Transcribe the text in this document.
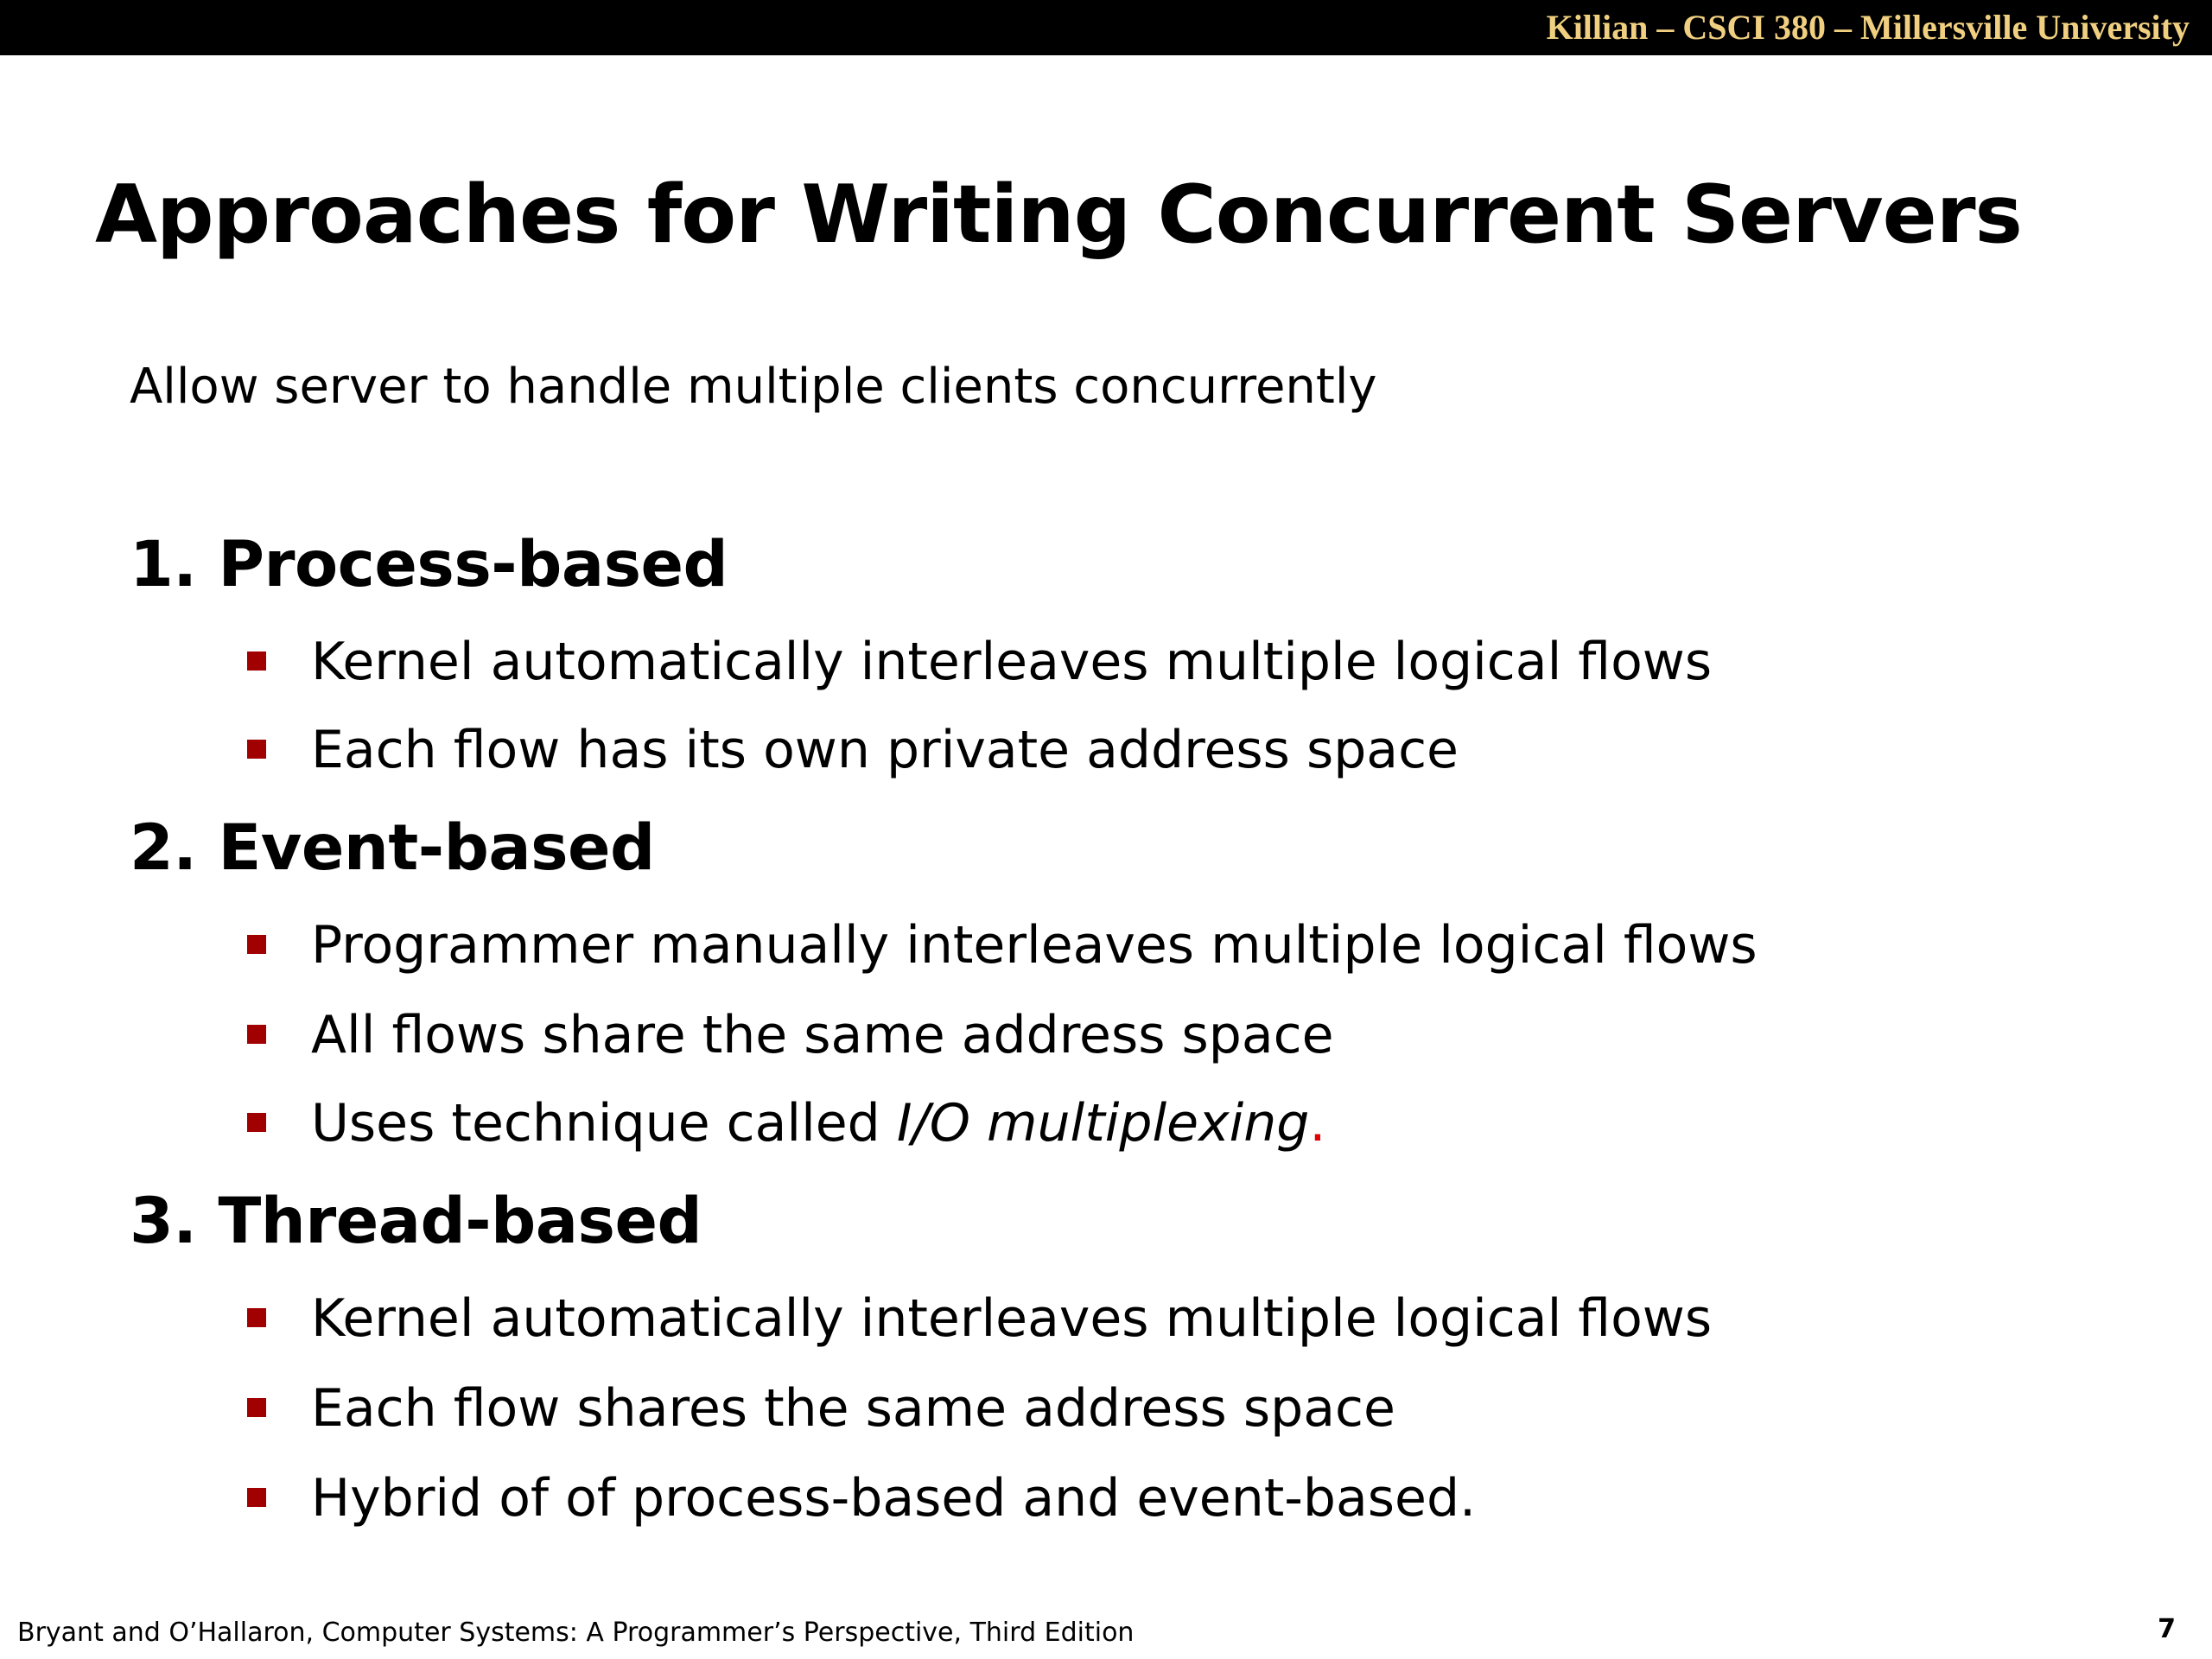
Killian – CSCI 380 – Millersville University
Approaches for Writing Concurrent Servers

Allow server to handle multiple clients concurrently

1. Process-based
Kernel automatically interleaves multiple logical flows
Each flow has its own private address space
2. Event-based
Programmer manually interleaves multiple logical flows
All flows share the same address space
Uses technique called I/O multiplexing.
3. Thread-based
Kernel automatically interleaves multiple logical flows
Each flow shares the same address space
Hybrid of of process-based and event-based.
Bryant and O’Hallaron, Computer Systems: A Programmer’s Perspective, Third Edition	7
